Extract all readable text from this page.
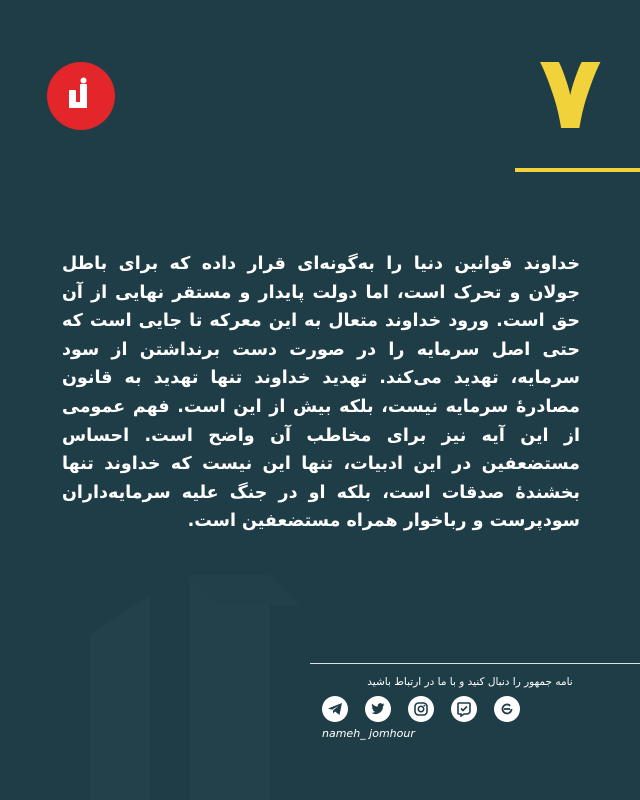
۷
خداوند قوانین دنیا را به‌گونه‌ای قرار داده که برای باطل جولان و تحرک است، اما دولت پایدار و مستقر نهایی از آن حق است. ورود خداوند متعال به این معرکه تا جایی است که حتی اصل سرمایه را در صورت دست برنداشتن از سود سرمایه، تهدید می‌کند. تهدید خداوند تنها تهدید به قانون مصادرۀ سرمایه نیست، بلکه بیش از این است. فهم عمومی از این آیه نیز برای مخاطب آن واضح است. احساس مستضعفین در این ادبیات، تنها این نیست که خداوند تنها بخشندۀ صدقات است، بلکه او در جنگ علیه سرمایه‌داران سودپرست و رباخوار همراه مستضعفین است.
نامه جمهور را دنبال کنید و با ما در ارتباط باشید
nameh_ jomhour
